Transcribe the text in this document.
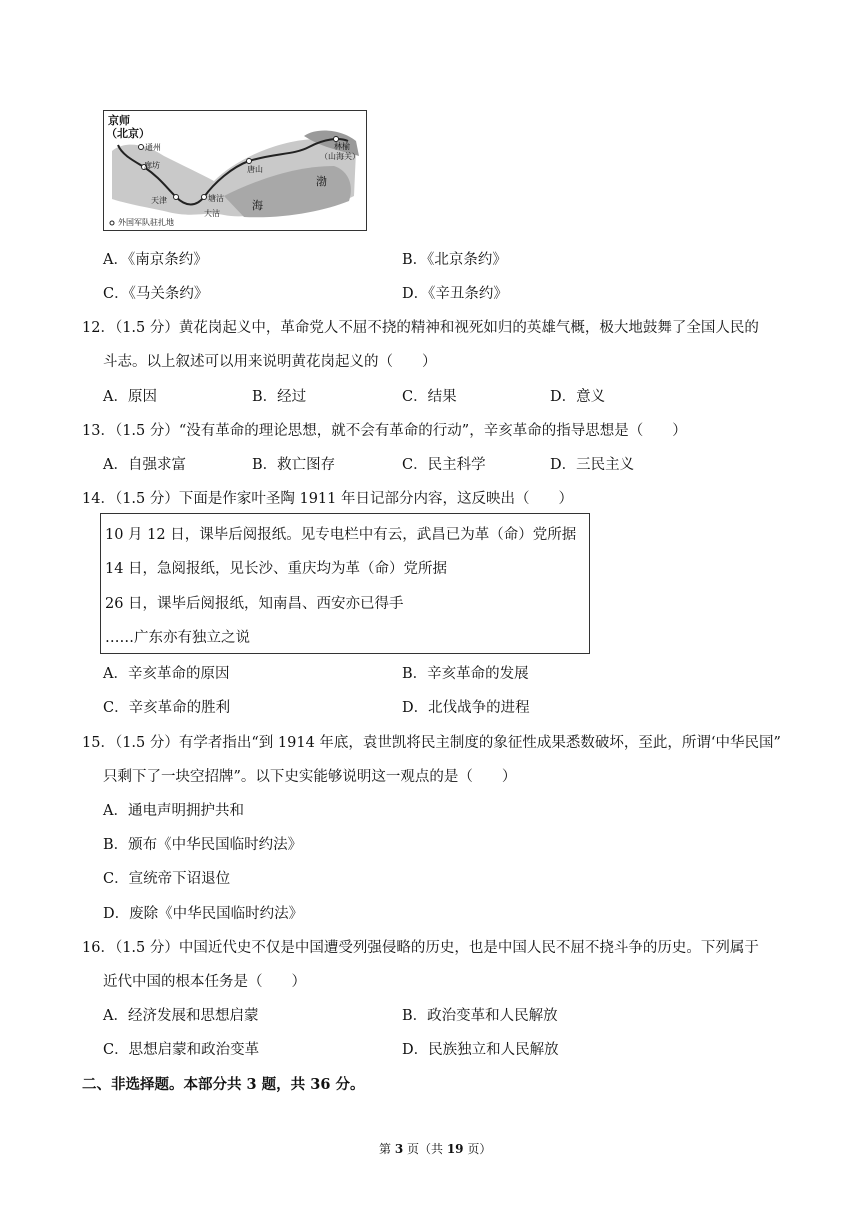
京师
（北京）
通州
廊坊
天津	塘沽
大沽
唐山
林榆
（山海关）
渤
海
外国军队驻扎地
A．《南京条约》	B．《北京条约》
C．《马关条约》	D．《辛丑条约》
12．（1.5 分）黄花岗起义中，革命党人不屈不挠的精神和视死如归的英雄气概，极大地鼓舞了全国人民的
斗志。以上叙述可以用来说明黄花岗起义的（　　）
A．原因	B．经过	C．结果	D．意义
13．（1.5 分）“没有革命的理论思想，就不会有革命的行动”，辛亥革命的指导思想是（　　）
A．自强求富	B．救亡图存	C．民主科学	D．三民主义
14．（1.5 分）下面是作家叶圣陶 1911 年日记部分内容，这反映出（　　）
10 月 12 日，课毕后阅报纸。见专电栏中有云，武昌已为革（命）党所据
14 日，急阅报纸，见长沙、重庆均为革（命）党所据
26 日，课毕后阅报纸，知南昌、西安亦已得手
……广东亦有独立之说
A．辛亥革命的原因	B．辛亥革命的发展
C．辛亥革命的胜利	D．北伐战争的进程
15．（1.5 分）有学者指出“到 1914 年底，袁世凯将民主制度的象征性成果悉数破坏，至此，所谓‘中华民国”
只剩下了一块空招牌”。以下史实能够说明这一观点的是（　　）
A．通电声明拥护共和
B．颁布《中华民国临时约法》
C．宣统帝下诏退位
D．废除《中华民国临时约法》
16．（1.5 分）中国近代史不仅是中国遭受列强侵略的历史，也是中国人民不屈不挠斗争的历史。下列属于
近代中国的根本任务是（　　）
A．经济发展和思想启蒙	B．政治变革和人民解放
C．思想启蒙和政治变革	D．民族独立和人民解放
二、非选择题。本部分共 3 题，共 36 分。
第 3 页（共 19 页）
